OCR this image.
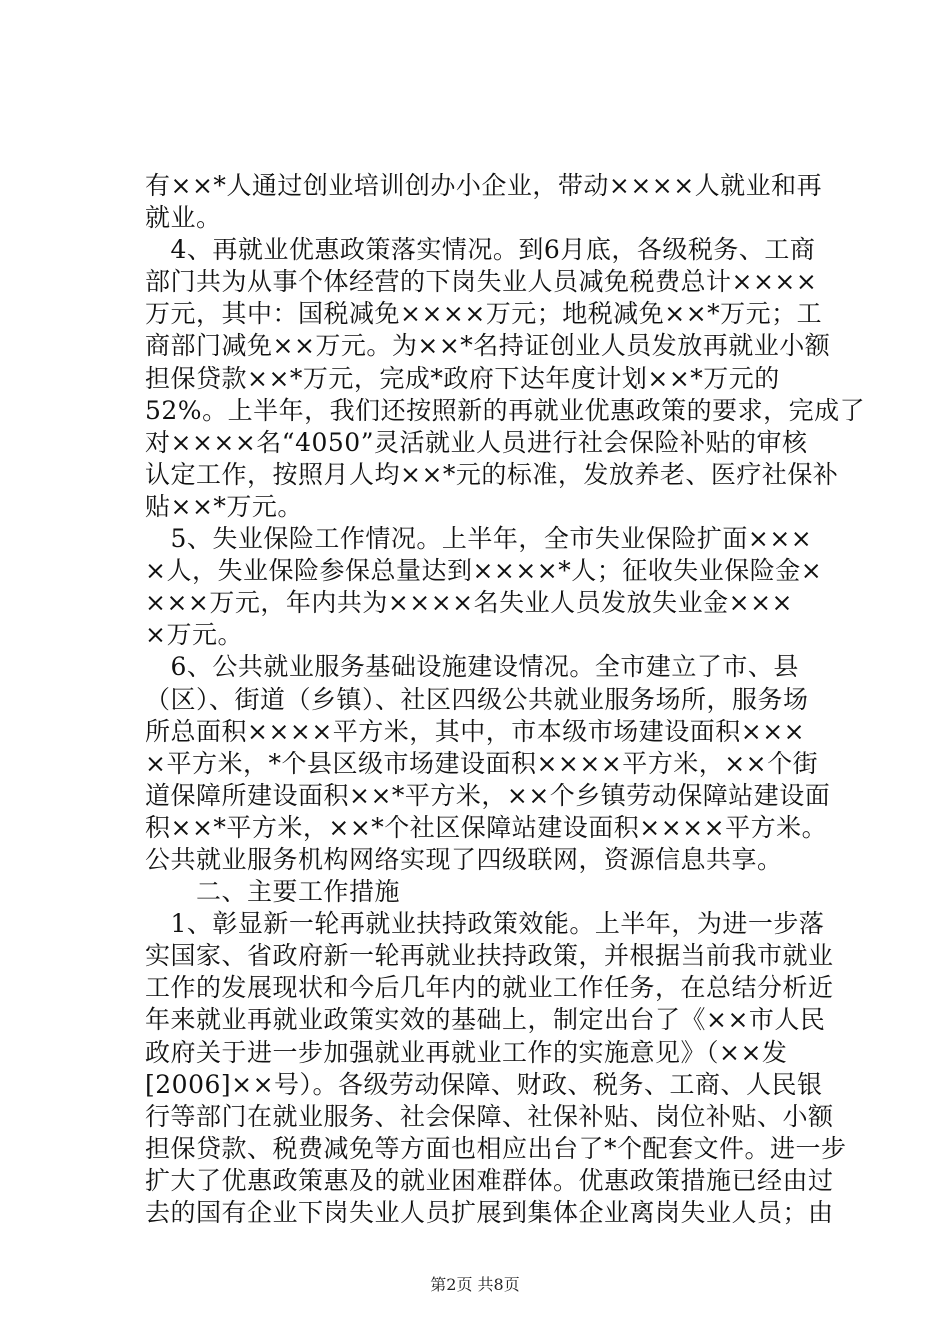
有××*人通过创业培训创办小企业，带动××××人就业和再
就业。
　4、再就业优惠政策落实情况。到6月底，各级税务、工商
部门共为从事个体经营的下岗失业人员减免税费总计××××
万元，其中：国税减免××××万元；地税减免××*万元；工
商部门减免××万元。为××*名持证创业人员发放再就业小额
担保贷款××*万元，完成*政府下达年度计划××*万元的
52%。上半年，我们还按照新的再就业优惠政策的要求，完成了
对××××名“4050”灵活就业人员进行社会保险补贴的审核
认定工作，按照月人均××*元的标准，发放养老、医疗社保补
贴××*万元。
　5、失业保险工作情况。上半年，全市失业保险扩面×××
×人，失业保险参保总量达到××××*人；征收失业保险金×
×××万元，年内共为××××名失业人员发放失业金×××
×万元。
　6、公共就业服务基础设施建设情况。全市建立了市、县
（区）、街道（乡镇）、社区四级公共就业服务场所，服务场
所总面积××××平方米，其中，市本级市场建设面积×××
×平方米，*个县区级市场建设面积××××平方米，××个街
道保障所建设面积××*平方米，××个乡镇劳动保障站建设面
积××*平方米，××*个社区保障站建设面积××××平方米。
公共就业服务机构网络实现了四级联网，资源信息共享。
　　二、主要工作措施
　1、彰显新一轮再就业扶持政策效能。上半年，为进一步落
实国家、省政府新一轮再就业扶持政策，并根据当前我市就业
工作的发展现状和今后几年内的就业工作任务，在总结分析近
年来就业再就业政策实效的基础上，制定出台了《××市人民
政府关于进一步加强就业再就业工作的实施意见》（××发
[2006]××号）。各级劳动保障、财政、税务、工商、人民银
行等部门在就业服务、社会保障、社保补贴、岗位补贴、小额
担保贷款、税费减免等方面也相应出台了*个配套文件。进一步
扩大了优惠政策惠及的就业困难群体。优惠政策措施已经由过
去的国有企业下岗失业人员扩展到集体企业离岗失业人员；由
第2页 共8页
